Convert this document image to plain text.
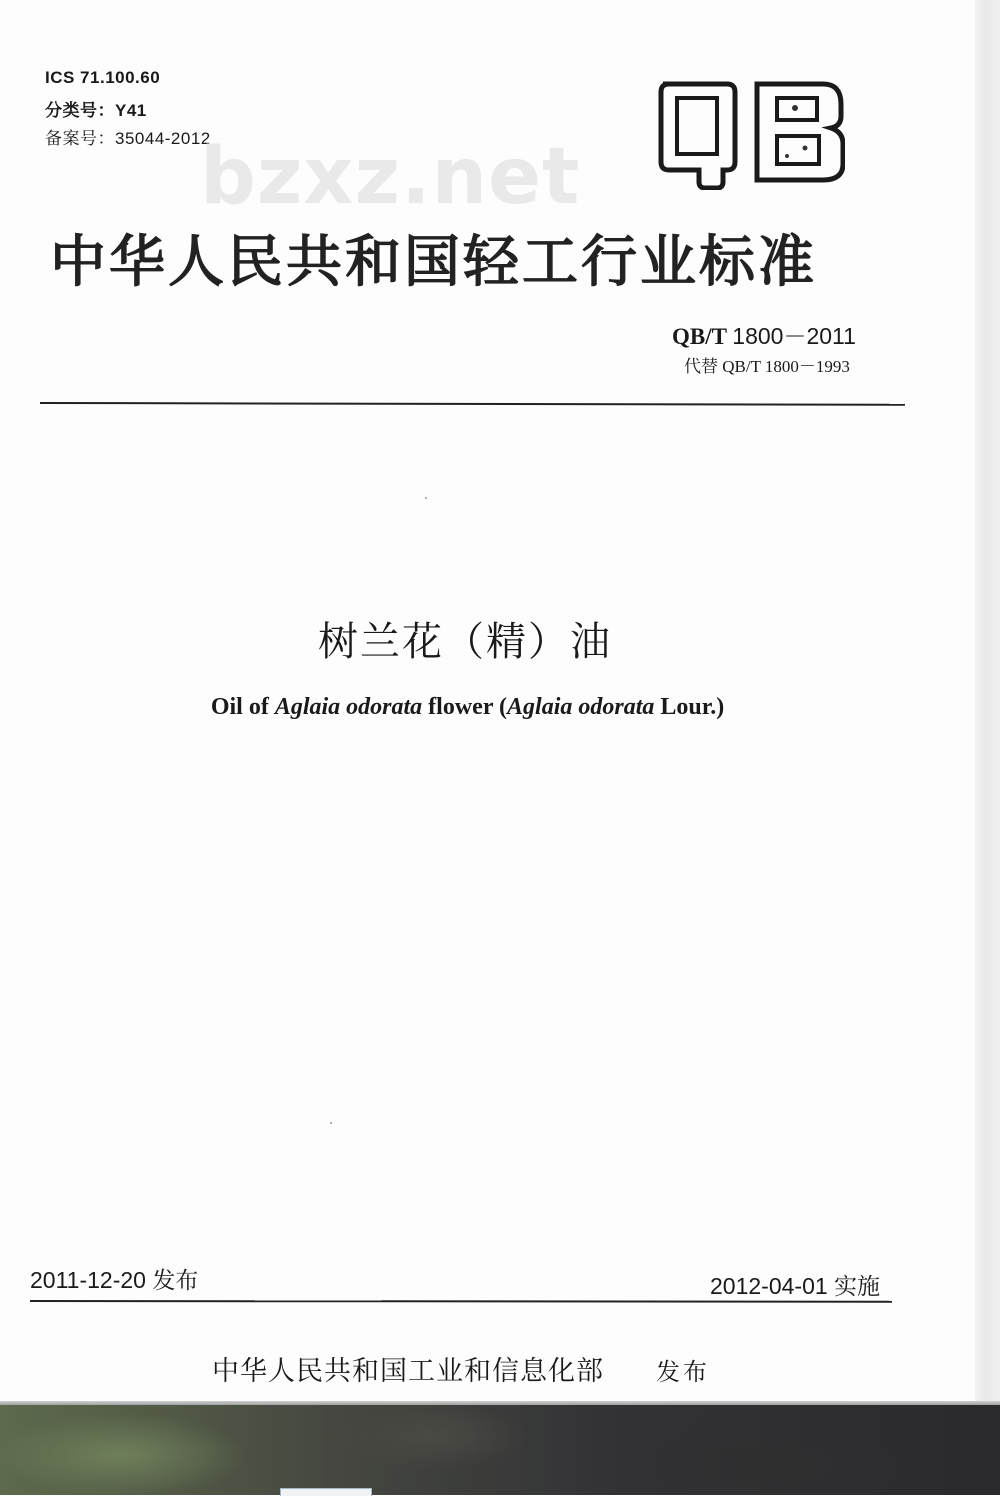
ICS 71.100.60
分类号：Y41
备案号：35044-2012
bzxz.net
中华人民共和国轻工行业标准
QB/T 1800－2011
代替 QB/T 1800－1993
树兰花（精）油
Oil of Aglaia odorata flower (Aglaia odorata Lour.)
2011-12-20 发布	2012-04-01 实施
中华人民共和国工业和信息化部 发布
